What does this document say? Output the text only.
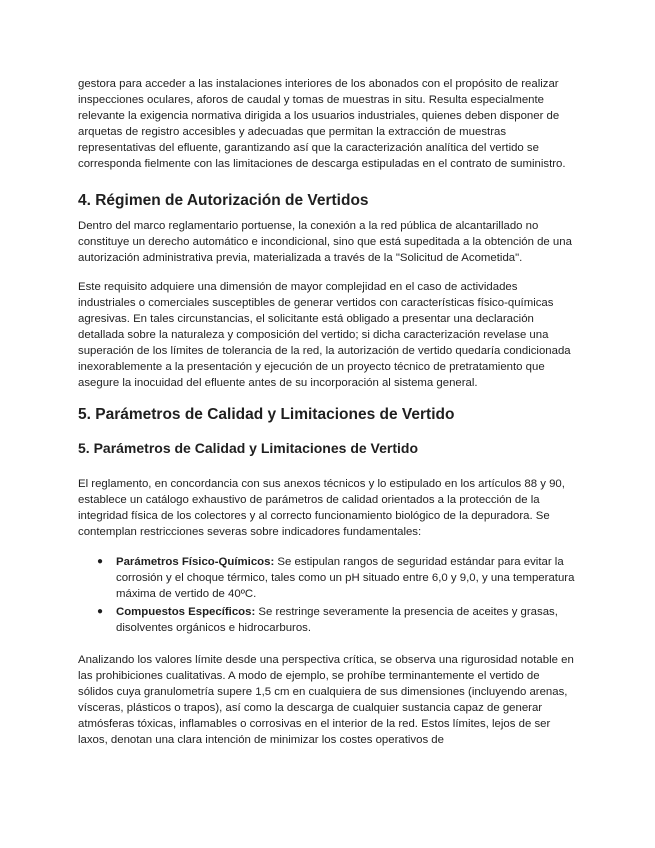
gestora para acceder a las instalaciones interiores de los abonados con el propósito de realizar inspecciones oculares, aforos de caudal y tomas de muestras in situ. Resulta especialmente relevante la exigencia normativa dirigida a los usuarios industriales, quienes deben disponer de arquetas de registro accesibles y adecuadas que permitan la extracción de muestras representativas del efluente, garantizando así que la caracterización analítica del vertido se corresponda fielmente con las limitaciones de descarga estipuladas en el contrato de suministro.

4. Régimen de Autorización de Vertidos

Dentro del marco reglamentario portuense, la conexión a la red pública de alcantarillado no constituye un derecho automático e incondicional, sino que está supeditada a la obtención de una autorización administrativa previa, materializada a través de la "Solicitud de Acometida".

Este requisito adquiere una dimensión de mayor complejidad en el caso de actividades industriales o comerciales susceptibles de generar vertidos con características físico-químicas agresivas. En tales circunstancias, el solicitante está obligado a presentar una declaración detallada sobre la naturaleza y composición del vertido; si dicha caracterización revelase una superación de los límites de tolerancia de la red, la autorización de vertido quedaría condicionada inexorablemente a la presentación y ejecución de un proyecto técnico de pretratamiento que asegure la inocuidad del efluente antes de su incorporación al sistema general.

5. Parámetros de Calidad y Limitaciones de Vertido
5. Parámetros de Calidad y Limitaciones de Vertido

El reglamento, en concordancia con sus anexos técnicos y lo estipulado en los artículos 88 y 90, establece un catálogo exhaustivo de parámetros de calidad orientados a la protección de la integridad física de los colectores y al correcto funcionamiento biológico de la depuradora. Se contemplan restricciones severas sobre indicadores fundamentales:

● Parámetros Físico-Químicos: Se estipulan rangos de seguridad estándar para evitar la corrosión y el choque térmico, tales como un pH situado entre 6,0 y 9,0, y una temperatura máxima de vertido de 40ºC.
● Compuestos Específicos: Se restringe severamente la presencia de aceites y grasas, disolventes orgánicos e hidrocarburos.

Analizando los valores límite desde una perspectiva crítica, se observa una rigurosidad notable en las prohibiciones cualitativas. A modo de ejemplo, se prohíbe terminantemente el vertido de sólidos cuya granulometría supere 1,5 cm en cualquiera de sus dimensiones (incluyendo arenas, vísceras, plásticos o trapos), así como la descarga de cualquier sustancia capaz de generar atmósferas tóxicas, inflamables o corrosivas en el interior de la red. Estos límites, lejos de ser laxos, denotan una clara intención de minimizar los costes operativos de
